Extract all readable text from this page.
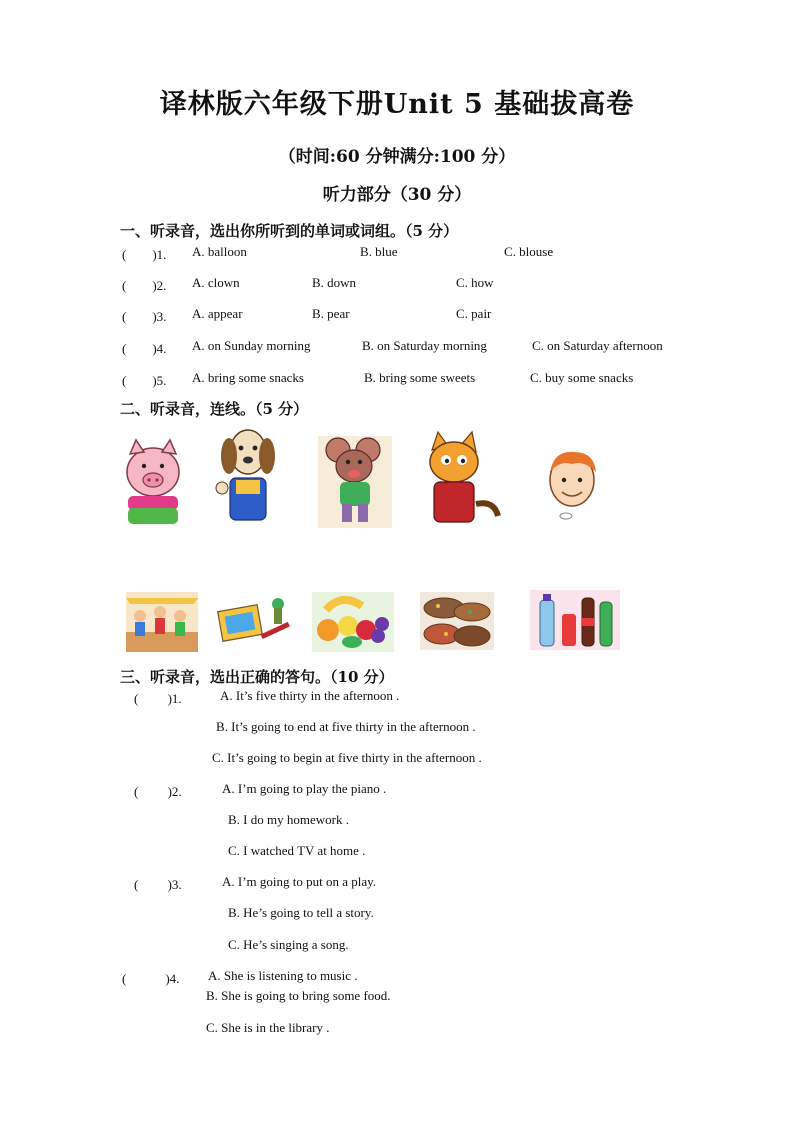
译林版六年级下册Unit 5 基础拔高卷
（时间:60 分钟满分:100 分）
听力部分（30 分）
一、听录音，选出你所听到的单词或词组。（5 分）
(　　)1. A. balloon	B. blue	C. blouse
(　　)2. A. clown	B. down	C. how
(　　)3. A. appear	B. pear	C. pair
(　　)4. A. on Sunday morning	B. on Saturday morning	C. on Saturday afternoon
(　　)5. A. bring some snacks	B. bring some sweets	C. buy some snacks
二、听录音，连线。（5 分）
三、听录音，选出正确的答句。（10 分）
(　　 )1.	A. It’s five thirty in the afternoon .
B. It’s going to end at five thirty in the afternoon .
C. It’s going to begin at five thirty in the afternoon .
(　　 )2.	A. I’m going to play the piano .
B. I do my homework .
C. I watched TV at home .
(　　 )3.	A. I’m going to put on a play.
B. He’s going to tell a story.
C. He’s singing a song.
(　　　)4. A. She is listening to music .
B. She is going to bring some food.
C. She is in the library .
